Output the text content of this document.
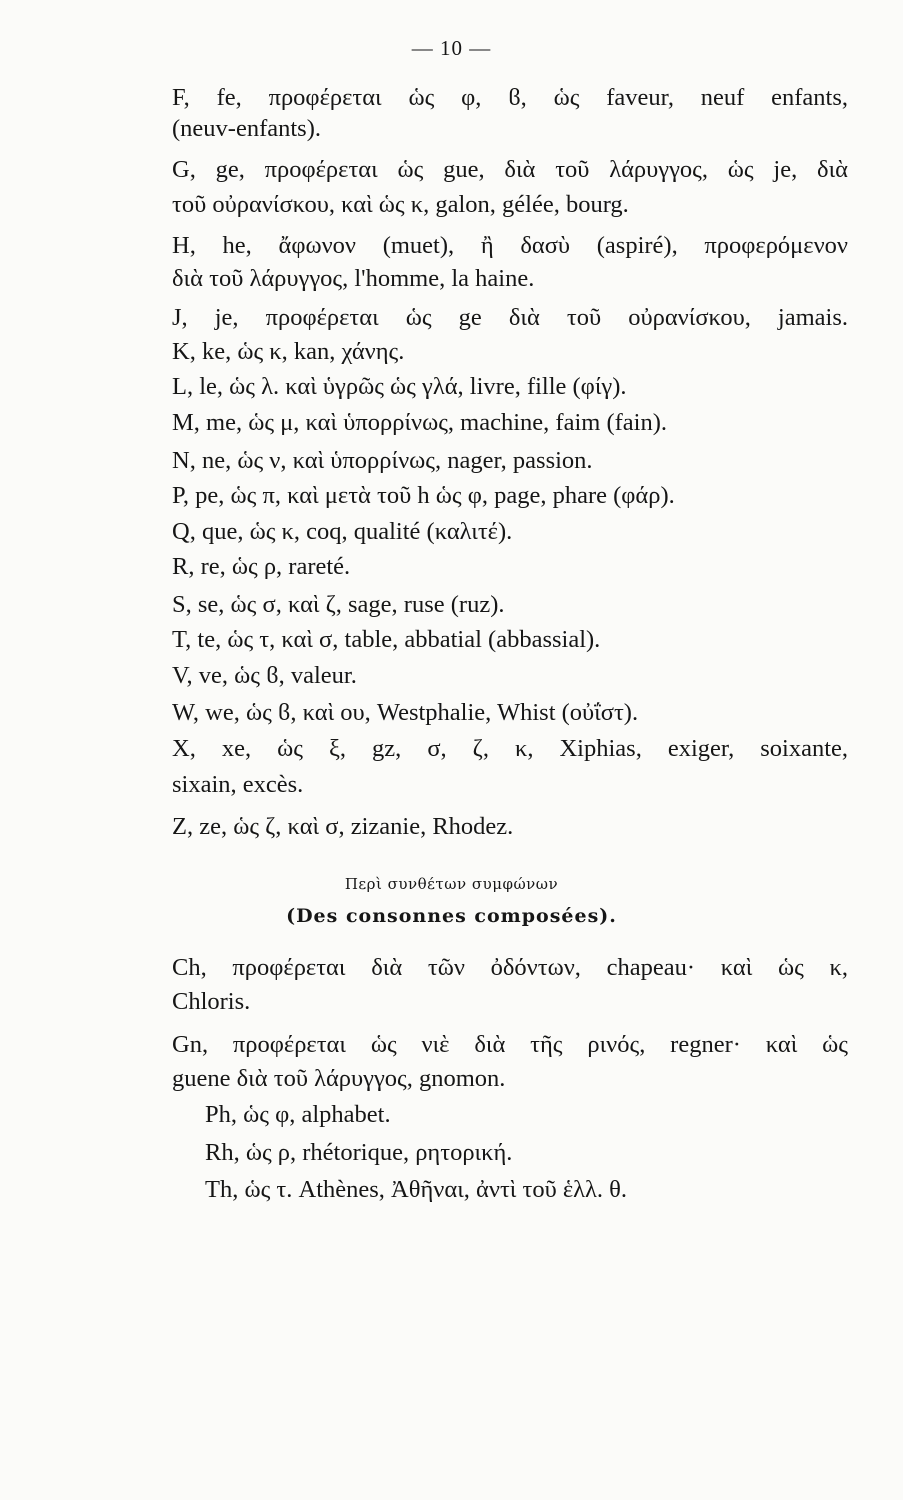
— 10 —
F, fe, προφέρεται ὡς φ, ϐ, ὡς faveur, neuf enfants,
(neuv-enfants).
G, ge, προφέρεται ὡς gue, διὰ τοῦ λάρυγγος, ὡς je, διὰ
τοῦ οὐρανίσκου, καὶ ὡς κ, galon, gélée, bourg.
H, he, ἄφωνον (muet), ἢ δασὺ (aspiré), προφερόμενον
διὰ τοῦ λάρυγγος, l'homme, la haine.
J, je, προφέρεται ὡς ge διὰ τοῦ οὐρανίσκου, jamais.
K, ke, ὡς κ, kan, χάνης.
L, le, ὡς λ. καὶ ὑγρῶς ὡς γλά, livre, fille (φίγ).
M, me, ὡς μ, καὶ ὑπορρίνως, machine, faim (fain).
N, ne, ὡς ν, καὶ ὑπορρίνως, nager, passion.
P, pe, ὡς π, καὶ μετὰ τοῦ h ὡς φ, page, phare (φάρ).
Q, que, ὡς κ, coq, qualité (καλιτέ).
R, re, ὡς ρ, rareté.
S, se, ὡς σ, καὶ ζ, sage, ruse (ruz).
T, te, ὡς τ, καὶ σ, table, abbatial (abbassial).
V, ve, ὡς ϐ, valeur.
W, we, ὡς ϐ, καὶ ου, Westphalie, Whist (οὐΐστ).
X, xe, ὡς ξ, gz, σ, ζ, κ, Xiphias, exiger, soixante,
sixain, excès.
Z, ze, ὡς ζ, καὶ σ, zizanie, Rhodez.
Περὶ συνθέτων συμφώνων
(Des consonnes composées).
Ch, προφέρεται διὰ τῶν ὀδόντων, chapeau· καὶ ὡς κ,
Chloris.
Gn, προφέρεται ὡς νιὲ διὰ τῆς ρινός, regner· καὶ ὡς
guene διὰ τοῦ λάρυγγος, gnomon.
Ph, ὡς φ, alphabet.
Rh, ὡς ρ, rhétorique, ρητορική.
Th, ὡς τ. Athènes, Ἀθῆναι, ἀντὶ τοῦ ἑλλ. θ.
